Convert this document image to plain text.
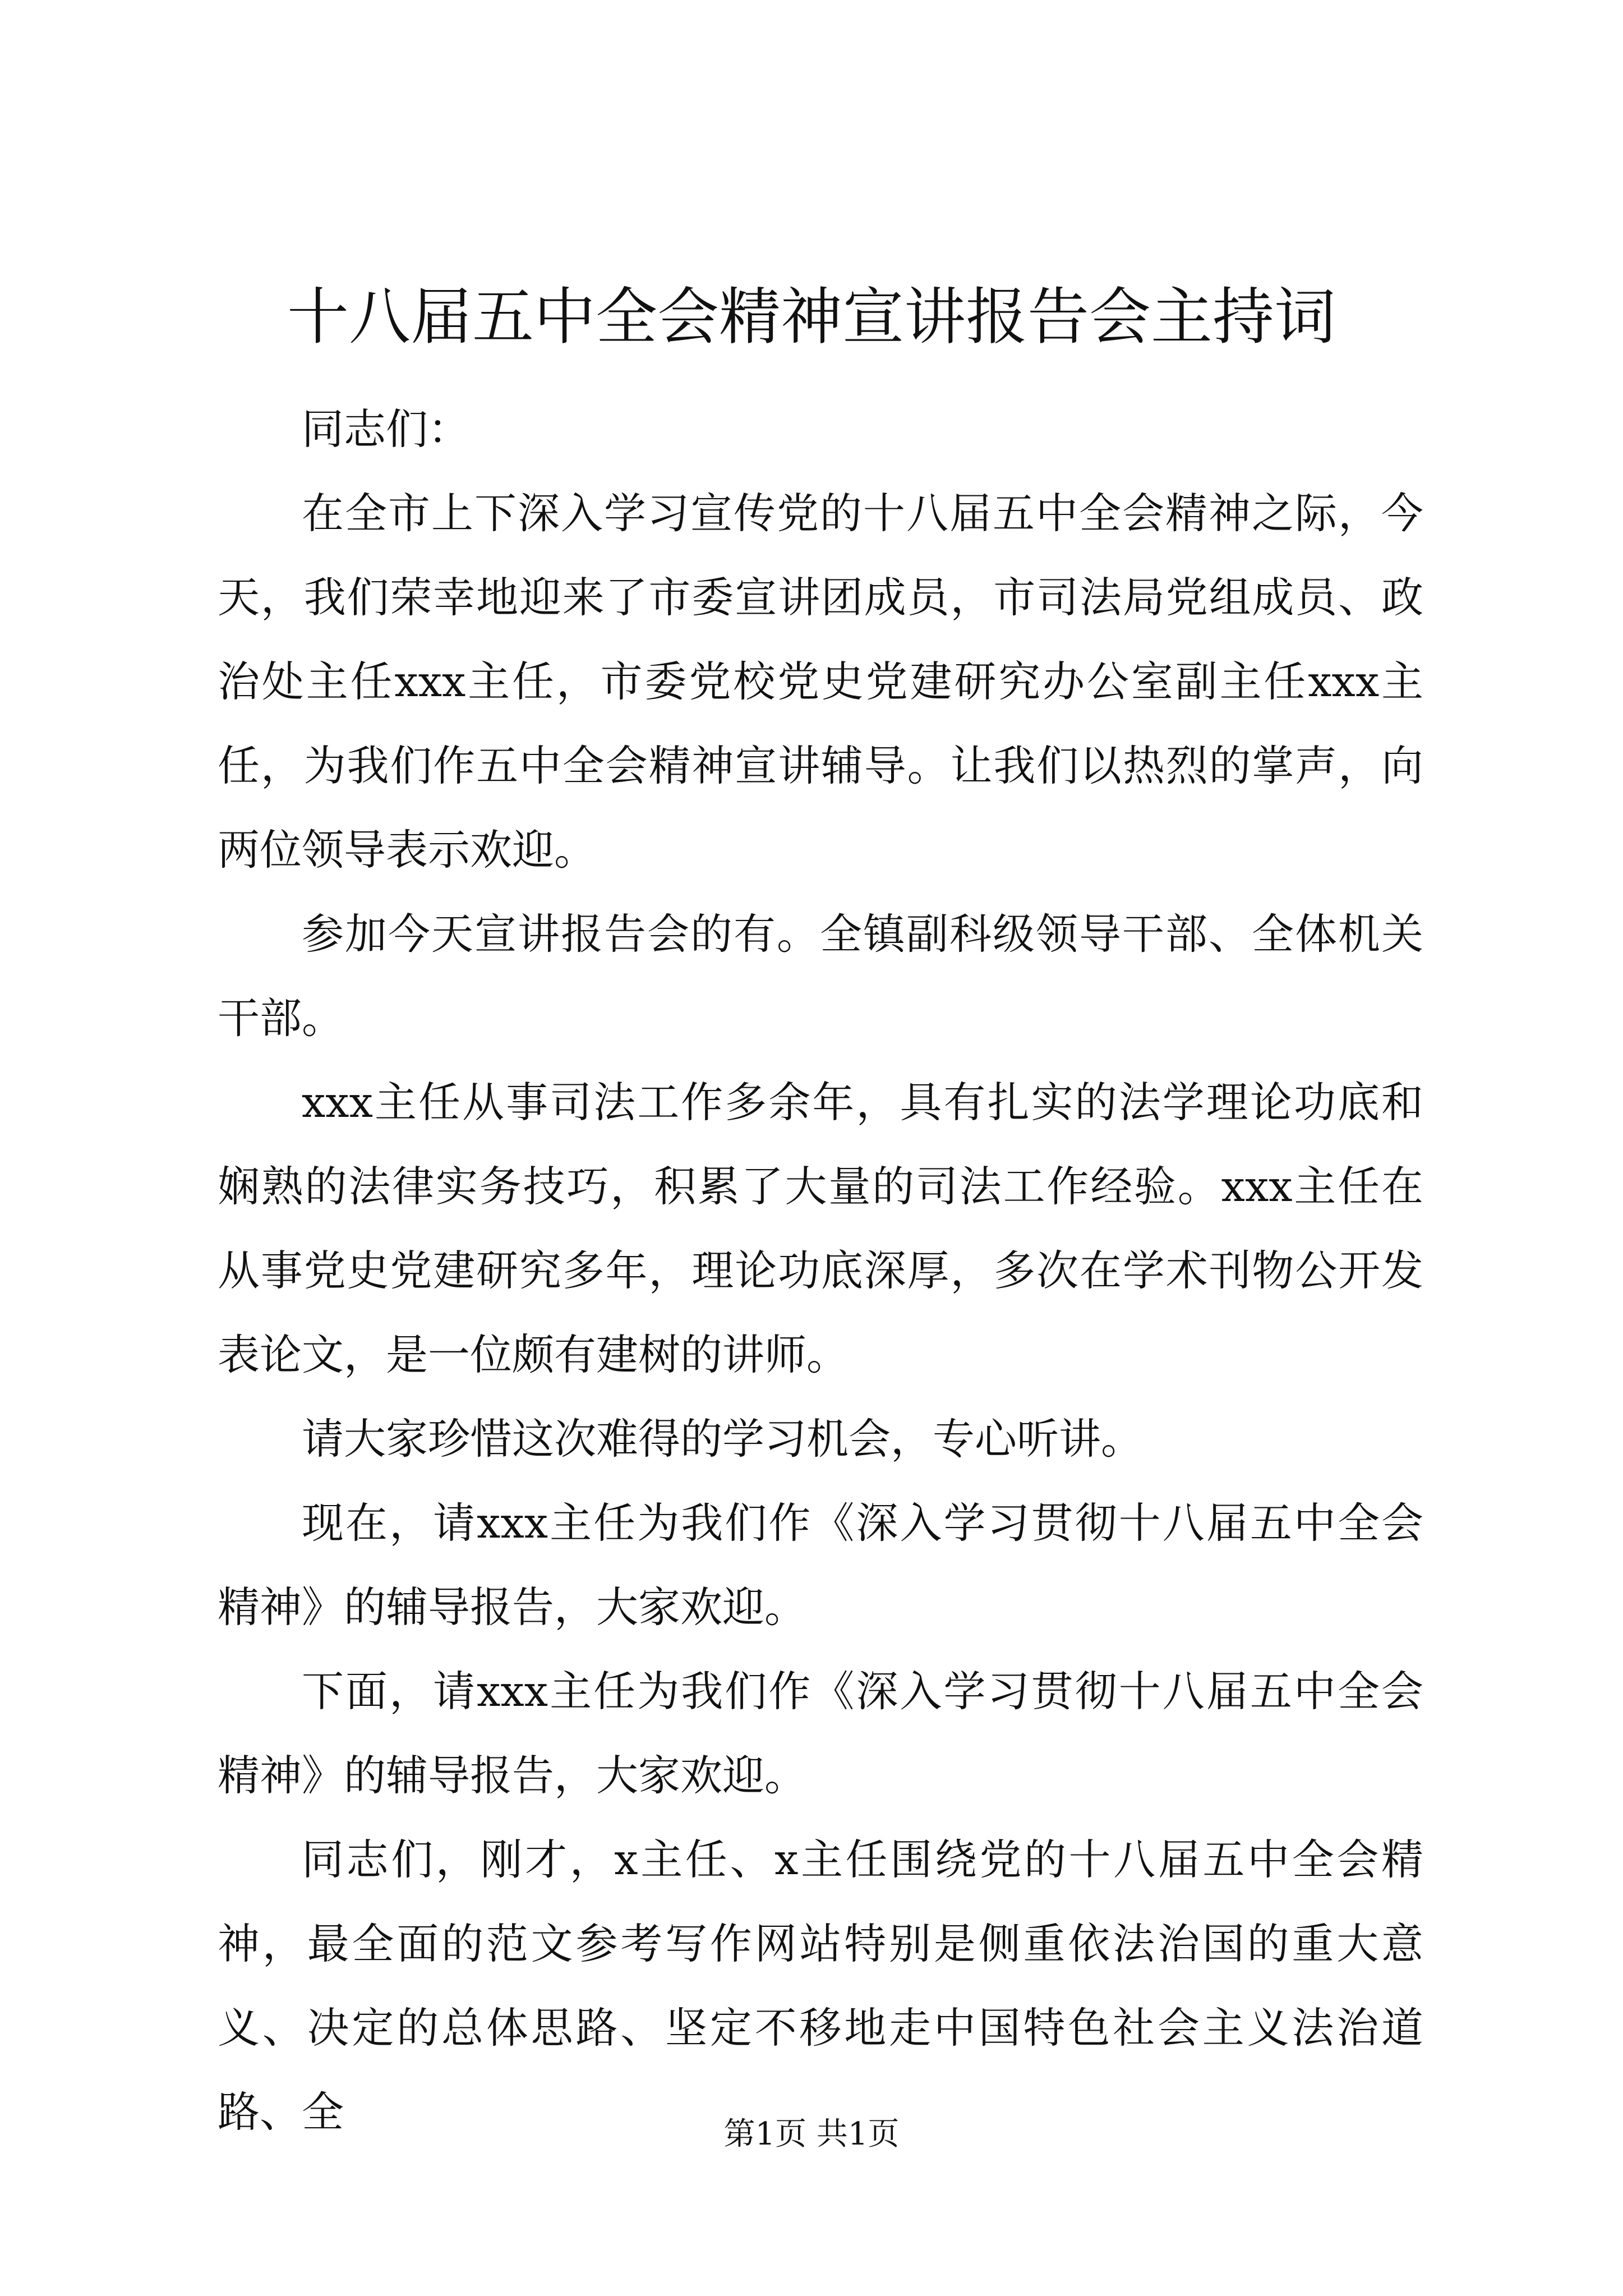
十八届五中全会精神宣讲报告会主持词

同志们：

在全市上下深入学习宣传党的十八届五中全会精神之际，今天，我们荣幸地迎来了市委宣讲团成员，市司法局党组成员、政治处主任xxx主任，市委党校党史党建研究办公室副主任xxx主任，为我们作五中全会精神宣讲辅导。让我们以热烈的掌声，向两位领导表示欢迎。

参加今天宣讲报告会的有。全镇副科级领导干部、全体机关干部。

xxx主任从事司法工作多余年，具有扎实的法学理论功底和娴熟的法律实务技巧，积累了大量的司法工作经验。xxx主任在从事党史党建研究多年，理论功底深厚，多次在学术刊物公开发表论文，是一位颇有建树的讲师。

请大家珍惜这次难得的学习机会，专心听讲。

现在，请xxx主任为我们作《深入学习贯彻十八届五中全会精神》的辅导报告，大家欢迎。

下面，请xxx主任为我们作《深入学习贯彻十八届五中全会精神》的辅导报告，大家欢迎。

同志们，刚才，x主任、x主任围绕党的十八届五中全会精神，最全面的范文参考写作网站特别是侧重依法治国的重大意义、决定的总体思路、坚定不移地走中国特色社会主义法治道路、全	第1页 共1页
